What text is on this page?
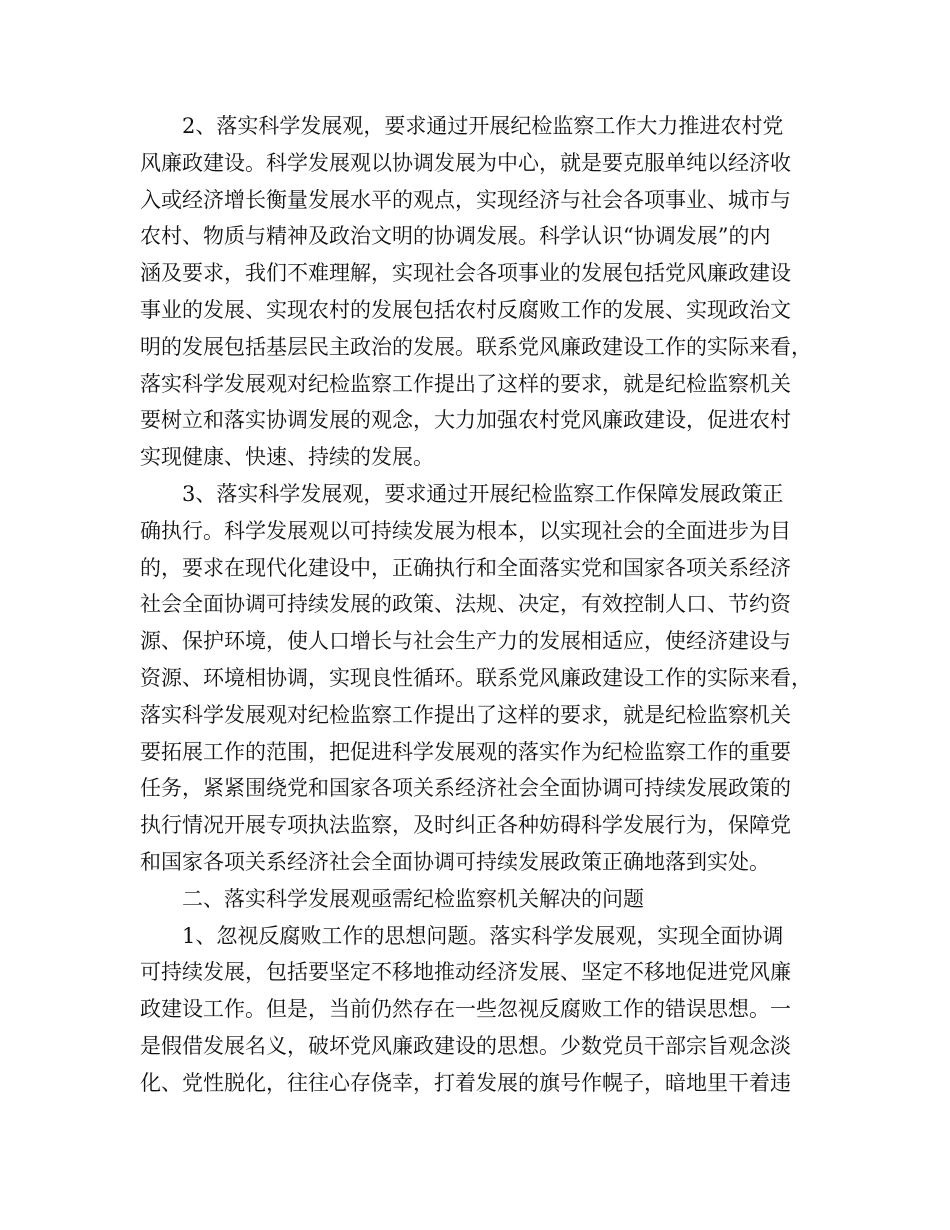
2、落实科学发展观，要求通过开展纪检监察工作大力推进农村党
风廉政建设。科学发展观以协调发展为中心，就是要克服单纯以经济收
入或经济增长衡量发展水平的观点，实现经济与社会各项事业、城市与
农村、物质与精神及政治文明的协调发展。科学认识“协调发展”的内
涵及要求，我们不难理解，实现社会各项事业的发展包括党风廉政建设
事业的发展、实现农村的发展包括农村反腐败工作的发展、实现政治文
明的发展包括基层民主政治的发展。联系党风廉政建设工作的实际来看，
落实科学发展观对纪检监察工作提出了这样的要求，就是纪检监察机关
要树立和落实协调发展的观念，大力加强农村党风廉政建设，促进农村
实现健康、快速、持续的发展。

3、落实科学发展观，要求通过开展纪检监察工作保障发展政策正
确执行。科学发展观以可持续发展为根本，以实现社会的全面进步为目
的，要求在现代化建设中，正确执行和全面落实党和国家各项关系经济
社会全面协调可持续发展的政策、法规、决定，有效控制人口、节约资
源、保护环境，使人口增长与社会生产力的发展相适应，使经济建设与
资源、环境相协调，实现良性循环。联系党风廉政建设工作的实际来看，
落实科学发展观对纪检监察工作提出了这样的要求，就是纪检监察机关
要拓展工作的范围，把促进科学发展观的落实作为纪检监察工作的重要
任务，紧紧围绕党和国家各项关系经济社会全面协调可持续发展政策的
执行情况开展专项执法监察，及时纠正各种妨碍科学发展行为，保障党
和国家各项关系经济社会全面协调可持续发展政策正确地落到实处。

二、落实科学发展观亟需纪检监察机关解决的问题

1、忽视反腐败工作的思想问题。落实科学发展观，实现全面协调
可持续发展，包括要坚定不移地推动经济发展、坚定不移地促进党风廉
政建设工作。但是，当前仍然存在一些忽视反腐败工作的错误思想。一
是假借发展名义，破坏党风廉政建设的思想。少数党员干部宗旨观念淡
化、党性脱化，往往心存侥幸，打着发展的旗号作幌子，暗地里干着违
